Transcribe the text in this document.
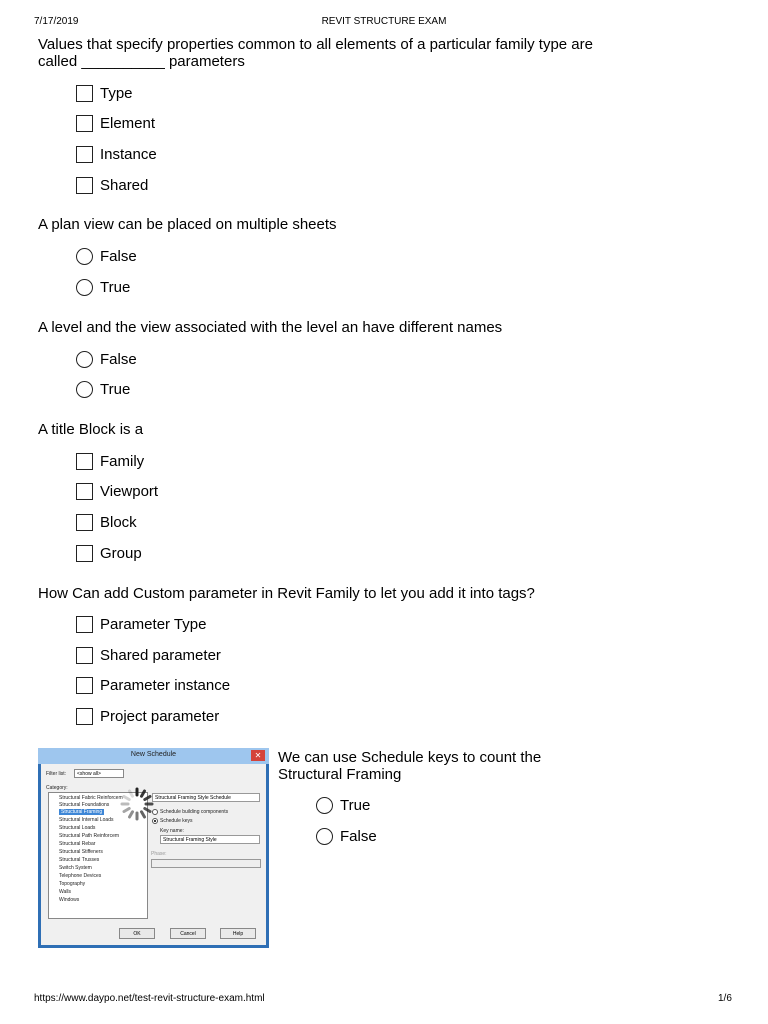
7/17/2019	REVIT STRUCTURE EXAM
https://www.daypo.net/test-revit-structure-exam.html	1/6
Values that specify properties common to all elements of a particular family type are
called __________ parameters
Type
Element
Instance
Shared
A plan view can be placed on multiple sheets
False
True
A level and the view associated with the level an have different names
False
True
A title Block is a
Family
Viewport
Block
Group
How Can add Custom parameter in Revit Family to let you add it into tags?
Parameter Type
Shared parameter
Parameter instance
Project parameter
New Schedule	✕
Filter list:	<show all>
Category:
Structural Fabric Reinforcem
Structural Foundations
Structural Framing
Structural Internal Loads
Structural Loads
Structural Path Reinforcem
Structural Rebar
Structural Stiffeners
Structural Trusses
Switch System
Telephone Devices
Topography
Walls
Windows
Structural Framing Style Schedule
Schedule building components
Schedule keys
Key name:
Structural Framing Style
Phase:
OK	Cancel	Help
We can use Schedule keys to count the
Structural Framing
True
False
